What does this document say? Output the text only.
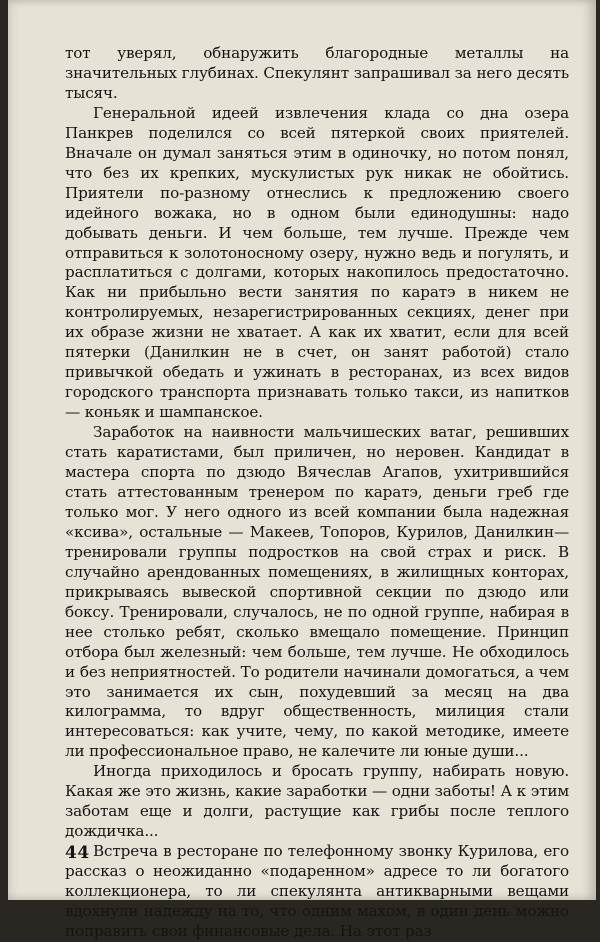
тот уверял, обнаружить благородные металлы на значительных глубинах. Спекулянт запрашивал за него десять тысяч.

Генеральной идеей извлечения клада со дна озера Панкрев поделился со всей пятеркой своих приятелей. Вначале он думал заняться этим в одиночку, но потом понял, что без их крепких, мускулистых рук никак не обойтись. Приятели по-разному отнеслись к предложению своего идейного вожака, но в одном были единодушны: надо добывать деньги. И чем больше, тем лучше. Прежде чем отправиться к золотоносному озеру, нужно ведь и погулять, и расплатиться с долгами, которых накопилось предостаточно. Как ни прибыльно вести занятия по каратэ в никем не контролируемых, незарегистрированных секциях, денег при их образе жизни не хватает. А как их хватит, если для всей пятерки (Данилкин не в счет, он занят работой) стало привычкой обедать и ужинать в ресторанах, из всех видов городского транспорта признавать только такси, из напитков — коньяк и шампанское.

Заработок на наивности мальчишеских ватаг, решивших стать каратистами, был приличен, но неровен. Кандидат в мастера спорта по дзюдо Вячеслав Агапов, ухитрившийся стать аттестованным тренером по каратэ, деньги греб где только мог. У него одного из всей компании была надежная «ксива», остальные — Макеев, Топоров, Курилов, Данилкин—тренировали группы подростков на свой страх и риск. В случайно арендованных помещениях, в жилищных конторах, прикрываясь вывеской спортивной секции по дзюдо или боксу. Тренировали, случалось, не по одной группе, набирая в нее столько ребят, сколько вмещало помещение. Принцип отбора был железный: чем больше, тем лучше. Не обходилось и без неприятностей. То родители начинали домогаться, а чем это занимается их сын, похудевший за месяц на два килограмма, то вдруг общественность, милиция стали интересоваться: как учите, чему, по какой методике, имеете ли профессиональное право, не калечите ли юные души...

Иногда приходилось и бросать группу, набирать новую. Какая же это жизнь, какие заработки — одни заботы! А к этим заботам еще и долги, растущие как грибы после теплого дождичка...

Встреча в ресторане по телефонному звонку Курилова, его рассказ о неожиданно «подаренном» адресе то ли богатого коллекционера, то ли спекулянта антикварными вещами вдохнули надежду на то, что одним махом, в один день можно поправить свои финансовые дела. На этот раз

44
